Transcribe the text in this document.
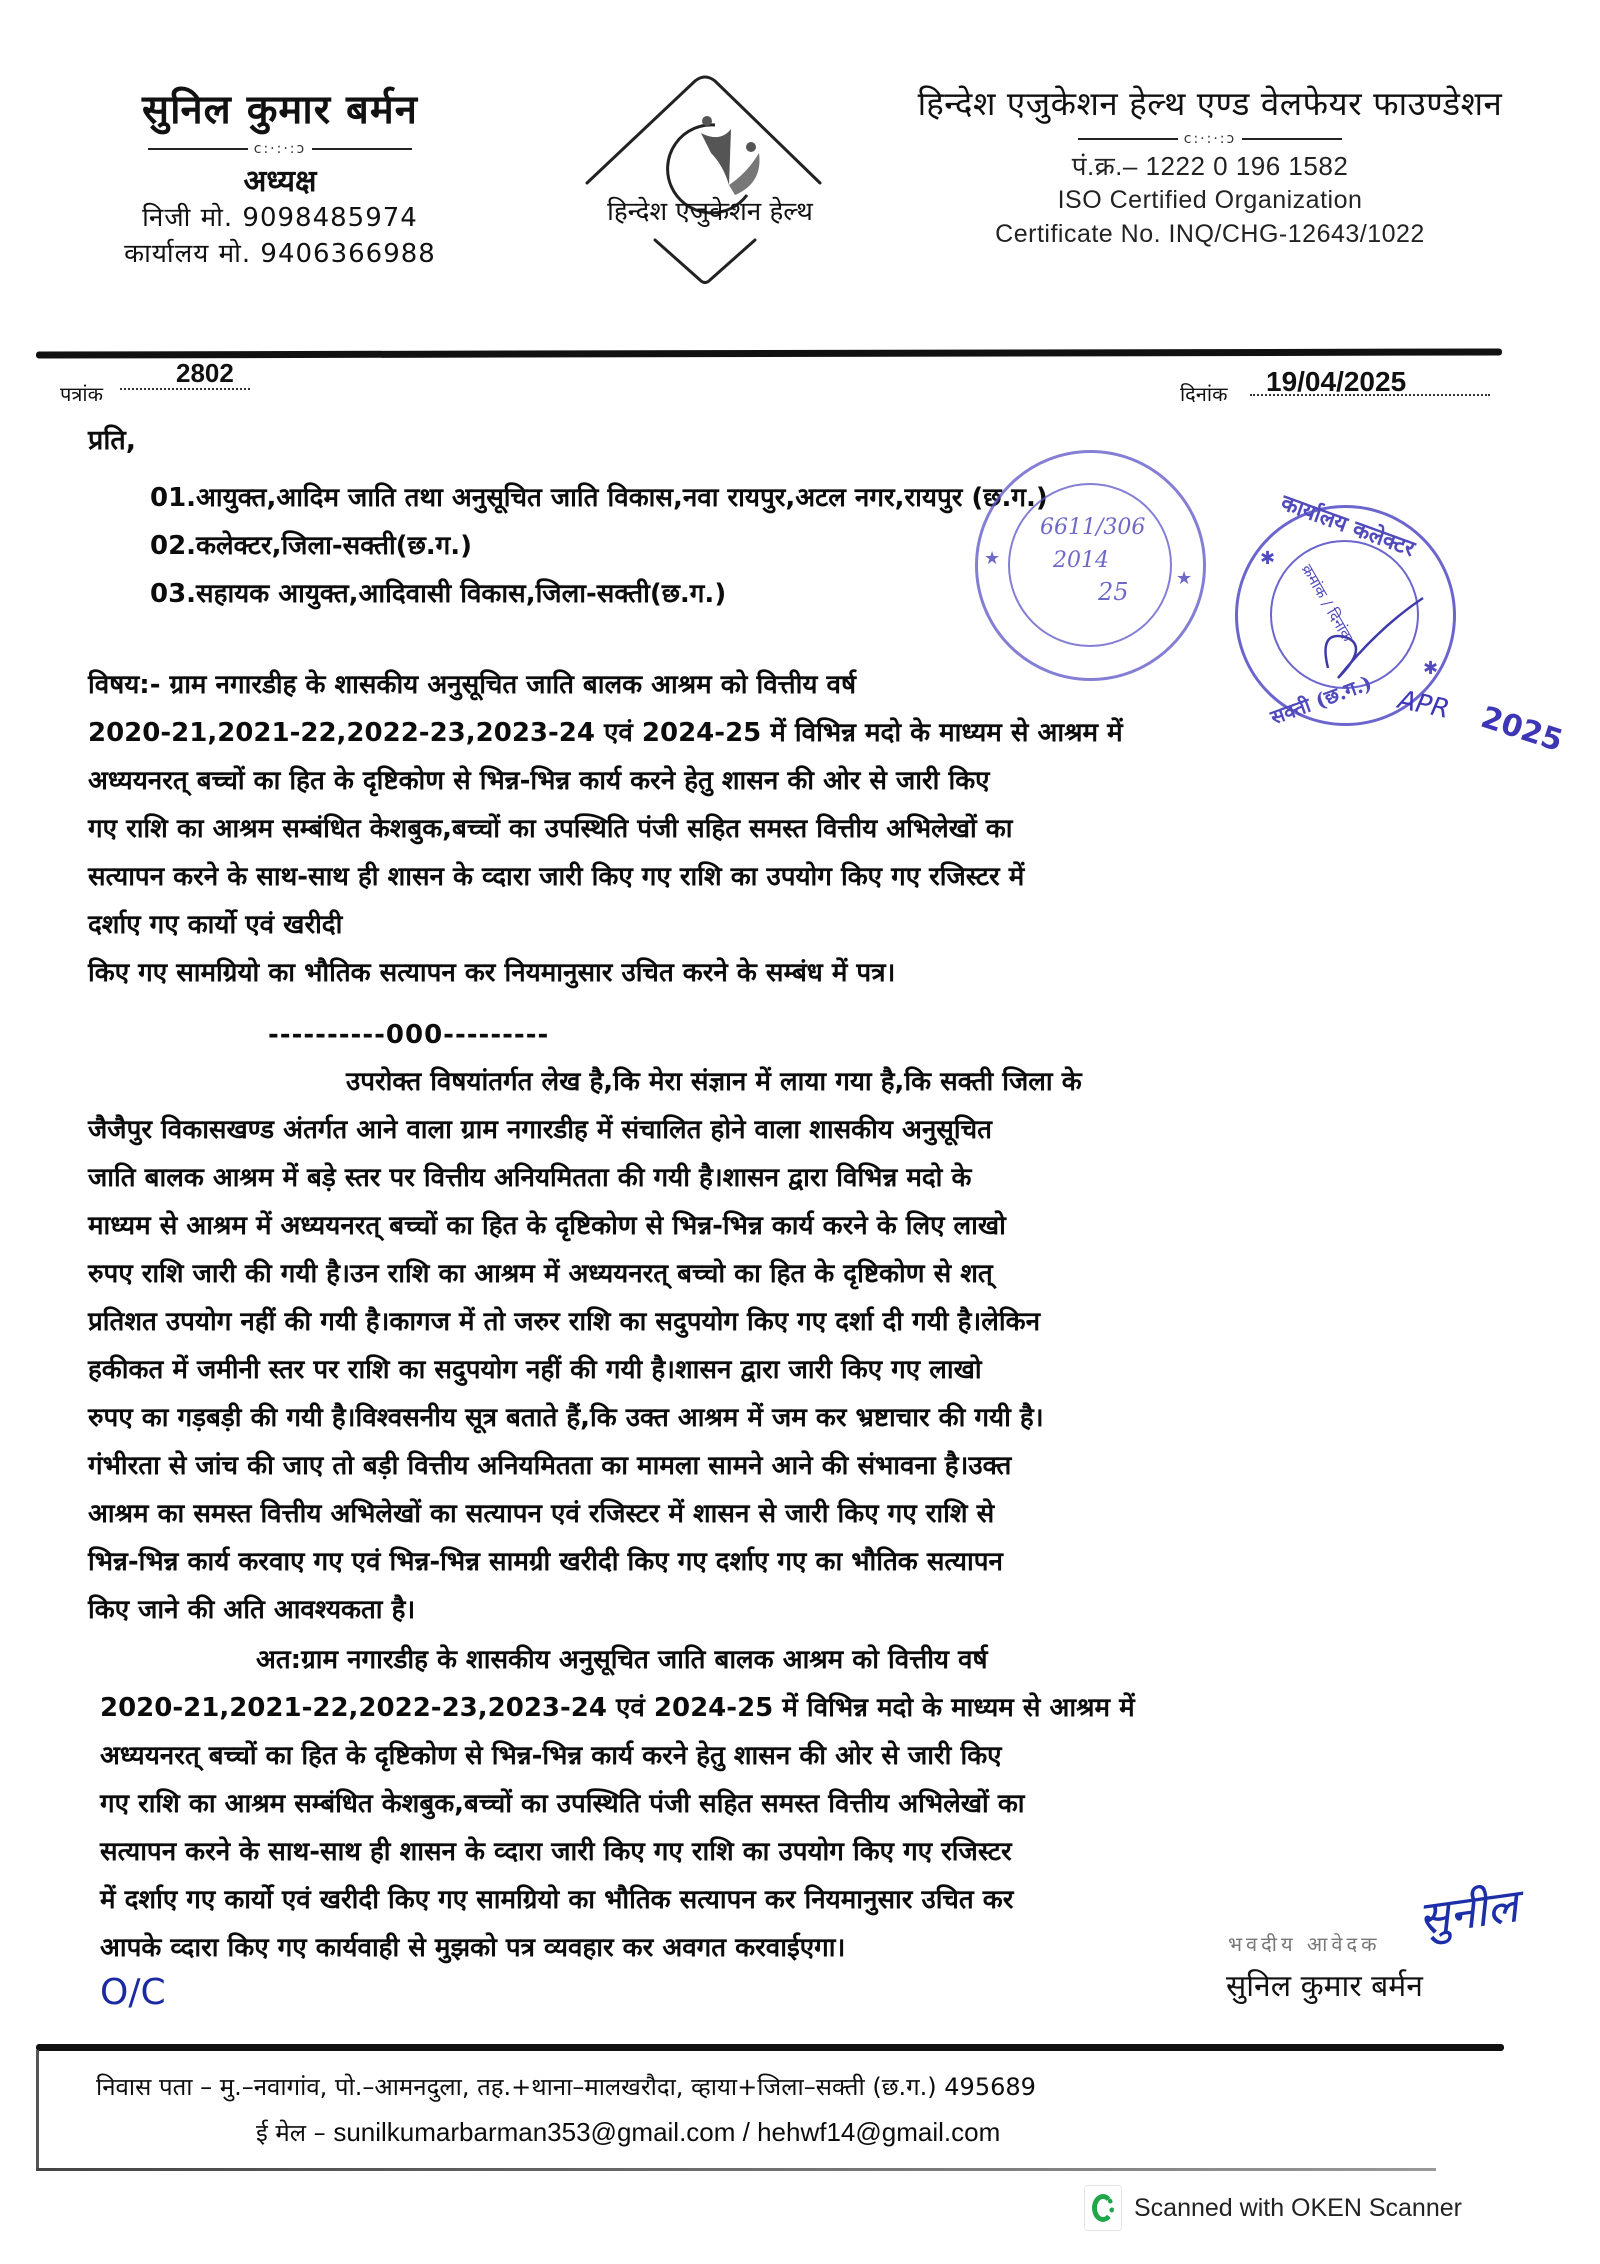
सुनिल कुमार बर्मन
c:·:·:ɔ
अध्यक्ष
निजी मो. 9098485974
कार्यालय मो. 9406366988
हिन्देश एजुकेशन हेल्थ
हिन्देश एजुकेशन हेल्थ एण्ड वेलफेयर फाउण्डेशन
c:·:·:ɔ
पं.क्र.– 1222 0 196 1582
ISO Certified Organization
Certificate No. INQ/CHG-12643/1022
पत्रांक
2802
दिनांक 19/04/2025
प्रति,
01.आयुक्त,आदिम जाति तथा अनुसूचित जाति विकास,नवा रायपुर,अटल नगर,रायपुर (छ.ग.)
02.कलेक्टर,जिला-सक्ती(छ.ग.)
03.सहायक आयुक्त,आदिवासी विकास,जिला-सक्ती(छ.ग.)
6611/306
2014
25
★
★
कार्यालय कलेक्टर
सक्ती (छ.ग.)
क्रमांक / दिनांक
✱
✱
APR 2025
विषय:- ग्राम नगारडीह के शासकीय अनुसूचित जाति बालक आश्रम को वित्तीय वर्ष
2020-21,2021-22,2022-23,2023-24 एवं 2024-25 में विभिन्न मदो के माध्यम से आश्रम में
अध्ययनरत् बच्चों का हित के दृष्टिकोण से भिन्न-भिन्न कार्य करने हेतु शासन की ओर से जारी किए
गए राशि का आश्रम सम्बंधित केशबुक,बच्चों का उपस्थिति पंजी सहित समस्त वित्तीय अभिलेखों का
सत्यापन करने के साथ-साथ ही शासन के व्दारा जारी किए गए राशि का उपयोग किए गए रजिस्टर में
दर्शाए गए कार्यो एवं खरीदी
किए गए सामग्रियो का भौतिक सत्यापन कर नियमानुसार उचित करने के सम्बंध में पत्र।
----------000---------
उपरोक्त विषयांतर्गत लेख है,कि मेरा संज्ञान में लाया गया है,कि सक्ती जिला के
जैजैपुर विकासखण्ड अंतर्गत आने वाला ग्राम नगारडीह में संचालित होने वाला शासकीय अनुसूचित
जाति बालक आश्रम में बड़े स्तर पर वित्तीय अनियमितता की गयी है।शासन द्वारा विभिन्न मदो के
माध्यम से आश्रम में अध्ययनरत् बच्चों का हित के दृष्टिकोण से भिन्न-भिन्न कार्य करने के लिए लाखो
रुपए राशि जारी की गयी है।उन राशि का आश्रम में अध्ययनरत् बच्चो का हित के दृष्टिकोण से शत्
प्रतिशत उपयोग नहीं की गयी है।कागज में तो जरुर राशि का सदुपयोग किए गए दर्शा दी गयी है।लेकिन
हकीकत में जमीनी स्तर पर राशि का सदुपयोग नहीं की गयी है।शासन द्वारा जारी किए गए लाखो
रुपए का गड़बड़ी की गयी है।विश्वसनीय सूत्र बताते हैं,कि उक्त आश्रम में जम कर भ्रष्टाचार की गयी है।
गंभीरता से जांच की जाए तो बड़ी वित्तीय अनियमितता का मामला सामने आने की संभावना है।उक्त
आश्रम का समस्त वित्तीय अभिलेखों का सत्यापन एवं रजिस्टर में शासन से जारी किए गए राशि से
भिन्न-भिन्न कार्य करवाए गए एवं भिन्न-भिन्न सामग्री खरीदी किए गए दर्शाए गए का भौतिक सत्यापन
किए जाने की अति आवश्यकता है।
अत:ग्राम नगारडीह के शासकीय अनुसूचित जाति बालक आश्रम को वित्तीय वर्ष
2020-21,2021-22,2022-23,2023-24 एवं 2024-25 में विभिन्न मदो के माध्यम से आश्रम में
अध्ययनरत् बच्चों का हित के दृष्टिकोण से भिन्न-भिन्न कार्य करने हेतु शासन की ओर से जारी किए
गए राशि का आश्रम सम्बंधित केशबुक,बच्चों का उपस्थिति पंजी सहित समस्त वित्तीय अभिलेखों का
सत्यापन करने के साथ-साथ ही शासन के व्दारा जारी किए गए राशि का उपयोग किए गए रजिस्टर
में दर्शाए गए कार्यो एवं खरीदी किए गए सामग्रियो का भौतिक सत्यापन कर नियमानुसार उचित कर
आपके व्दारा किए गए कार्यवाही से मुझको पत्र व्यवहार कर अवगत करवाईएगा।
सुनील
भवदीय आवेदक
सुनिल कुमार बर्मन
O/C
निवास पता – मु.–नवागांव, पो.–आमनदुला, तह.+थाना–मालखरौदा, व्हाया+जिला–सक्ती (छ.ग.) 495689
ई मेल – sunilkumarbarman353@gmail.com / hehwf14@gmail.com
Scanned with OKEN Scanner
